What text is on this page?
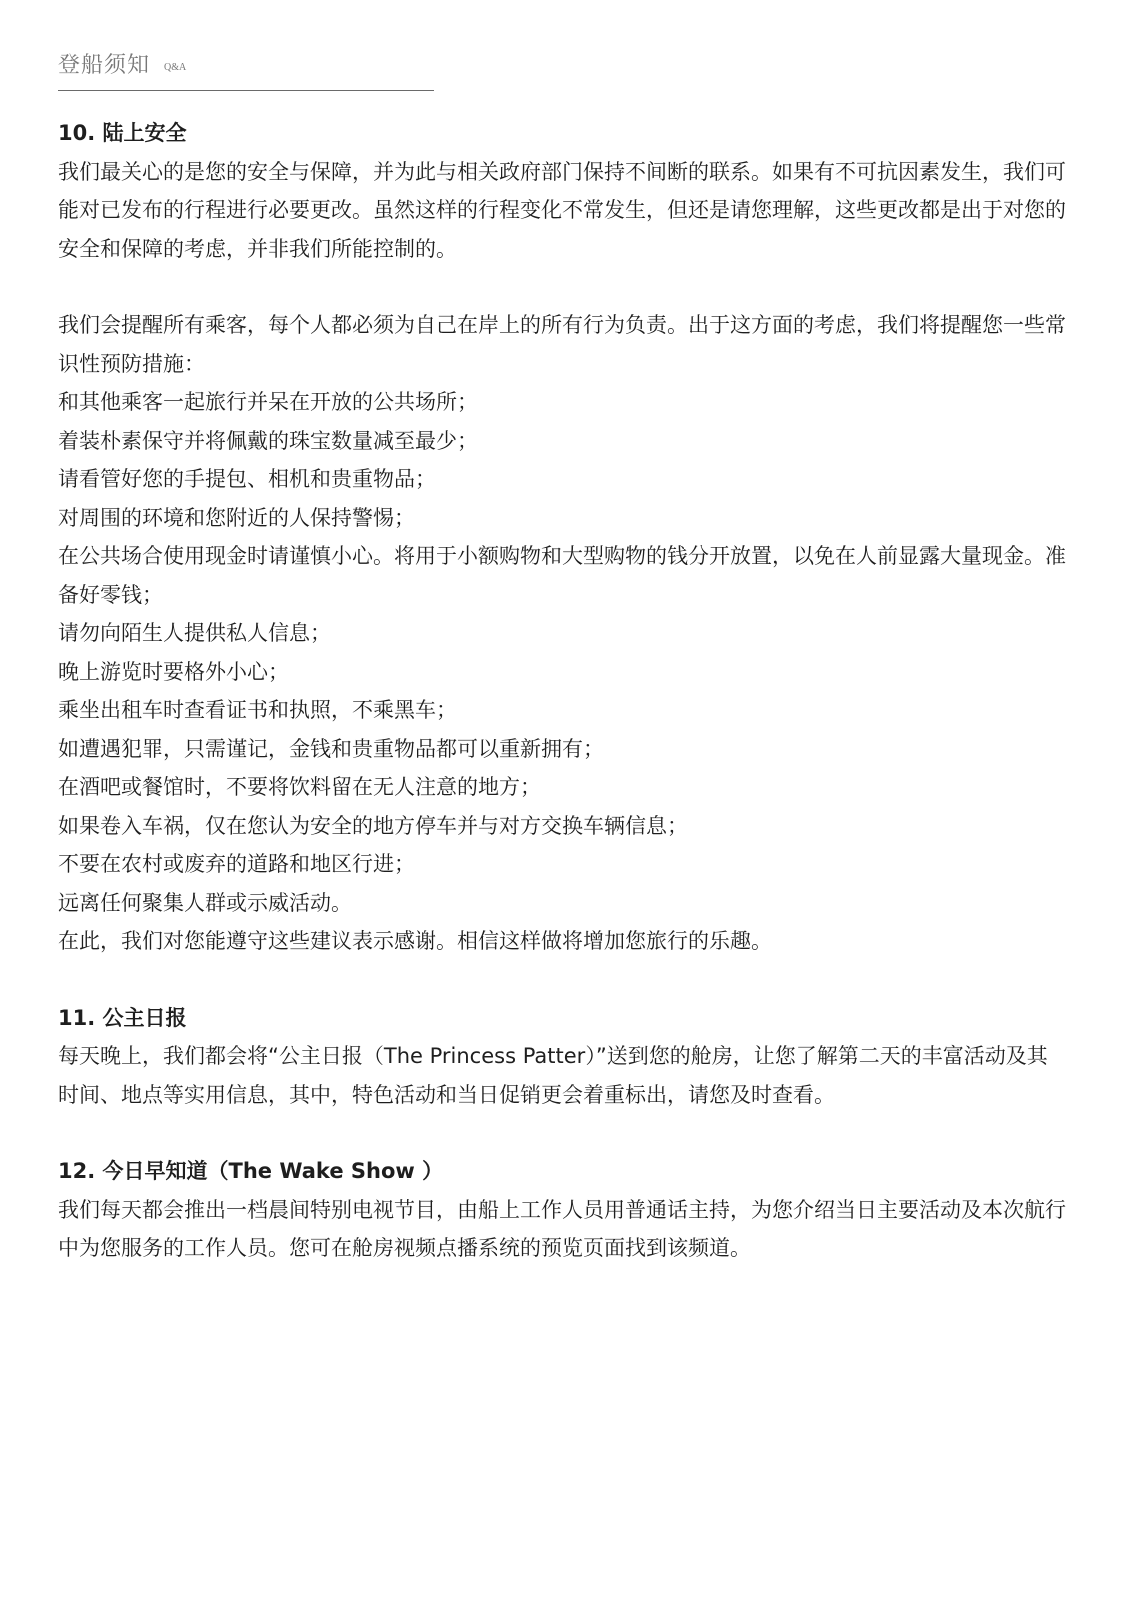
登船须知 Q&A
10. 陆上安全

我们最关心的是您的安全与保障，并为此与相关政府部门保持不间断的联系。如果有不可抗因素发生，我们可能对已发布的行程进行必要更改。虽然这样的行程变化不常发生，但还是请您理解，这些更改都是出于对您的安全和保障的考虑，并非我们所能控制的。

我们会提醒所有乘客，每个人都必须为自己在岸上的所有行为负责。出于这方面的考虑，我们将提醒您一些常识性预防措施：

和其他乘客一起旅行并呆在开放的公共场所；

着装朴素保守并将佩戴的珠宝数量减至最少；

请看管好您的手提包、相机和贵重物品；

对周围的环境和您附近的人保持警惕；

在公共场合使用现金时请谨慎小心。将用于小额购物和大型购物的钱分开放置，以免在人前显露大量现金。准备好零钱；

请勿向陌生人提供私人信息；

晚上游览时要格外小心；

乘坐出租车时查看证书和执照，不乘黑车；

如遭遇犯罪，只需谨记，金钱和贵重物品都可以重新拥有；

在酒吧或餐馆时，不要将饮料留在无人注意的地方；

如果卷入车祸，仅在您认为安全的地方停车并与对方交换车辆信息；

不要在农村或废弃的道路和地区行进；

远离任何聚集人群或示威活动。

在此，我们对您能遵守这些建议表示感谢。相信这样做将增加您旅行的乐趣。

11. 公主日报

每天晚上，我们都会将“公主日报（The Princess Patter）”送到您的舱房，让您了解第二天的丰富活动及其时间、地点等实用信息，其中，特色活动和当日促销更会着重标出，请您及时查看。

12. 今日早知道（The Wake Show ）

我们每天都会推出一档晨间特别电视节目，由船上工作人员用普通话主持，为您介绍当日主要活动及本次航行中为您服务的工作人员。您可在舱房视频点播系统的预览页面找到该频道。
